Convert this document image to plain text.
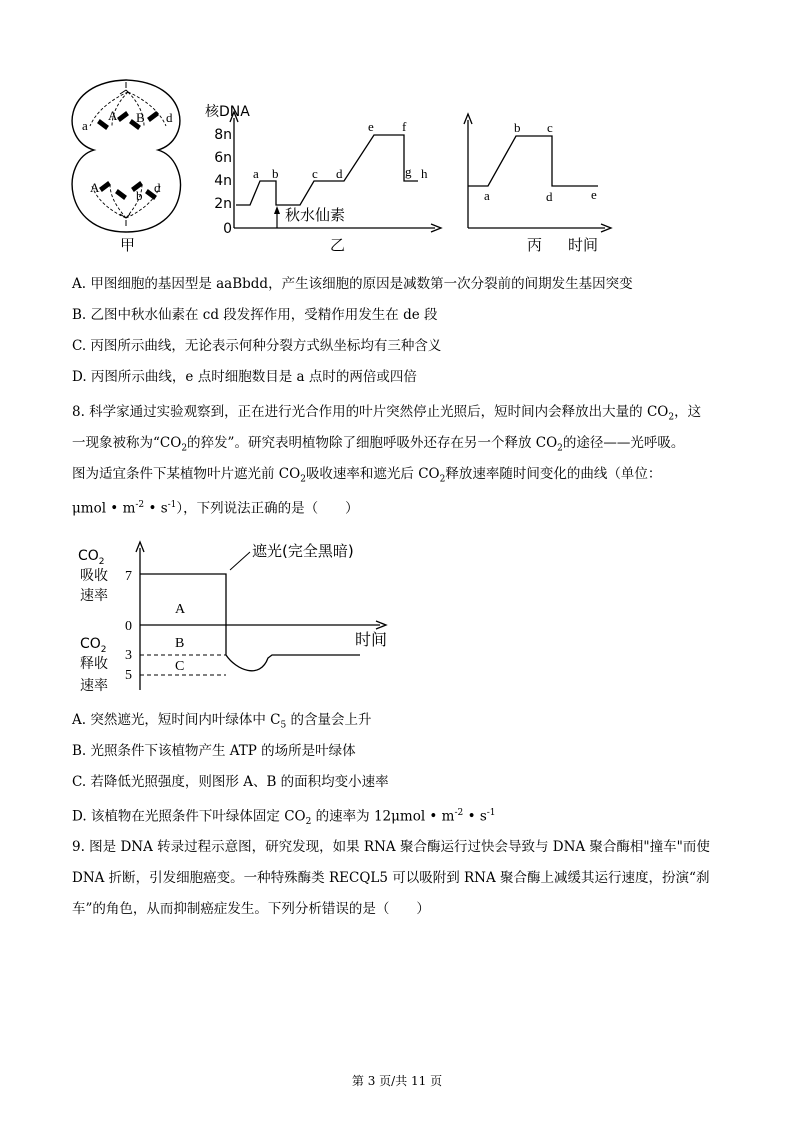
a
A B d
A
b
d
甲
核DNA
8n
6n
4n
2n
0
a b	c d
e f
g h
秋水仙素
乙
a
b c
d	e
丙 时间
A. 甲图细胞的基因型是 aaBbdd，产生该细胞的原因是减数第一次分裂前的间期发生基因突变
B. 乙图中秋水仙素在 cd 段发挥作用，受精作用发生在 de 段
C. 丙图所示曲线，无论表示何种分裂方式纵坐标均有三种含义
D. 丙图所示曲线，e 点时细胞数目是 a 点时的两倍或四倍
8. 科学家通过实验观察到，正在进行光合作用的叶片突然停止光照后，短时间内会释放出大量的 $CO_2$，这
一现象被称为“$CO_2$的猝发”。研究表明植物除了细胞呼吸外还存在另一个释放 $CO_2$的途径——光呼吸。
图为适宜条件下某植物叶片遮光前 $CO_2$吸收速率和遮光后 $CO_2$释放速率随时间变化的曲线（单位：
μmol • $m^{-2}$ • $s^{-1}$），下列说法正确的是（　　）
$CO_2$
吸收
速率
$CO_2$
释收
速率
7
0
3
5
A
B
C
时间
遮光(完全黑暗)
A. 突然遮光，短时间内叶绿体中 $C_5$ 的含量会上升
B. 光照条件下该植物产生 ATP 的场所是叶绿体
C. 若降低光照强度，则图形 A、B 的面积均变小速率
D. 该植物在光照条件下叶绿体固定 $CO_2$ 的速率为 12μmol • $m^{-2}$ • $s^{-1}$
9. 图是 DNA 转录过程示意图，研究发现，如果 RNA 聚合酶运行过快会导致与 DNA 聚合酶相"撞车"而使
DNA 折断，引发细胞癌变。一种特殊酶类 RECQL5 可以吸附到 RNA 聚合酶上减缓其运行速度，扮演“刹
车”的角色，从而抑制癌症发生。下列分析错误的是（　　）
第 3 页/共 11 页
